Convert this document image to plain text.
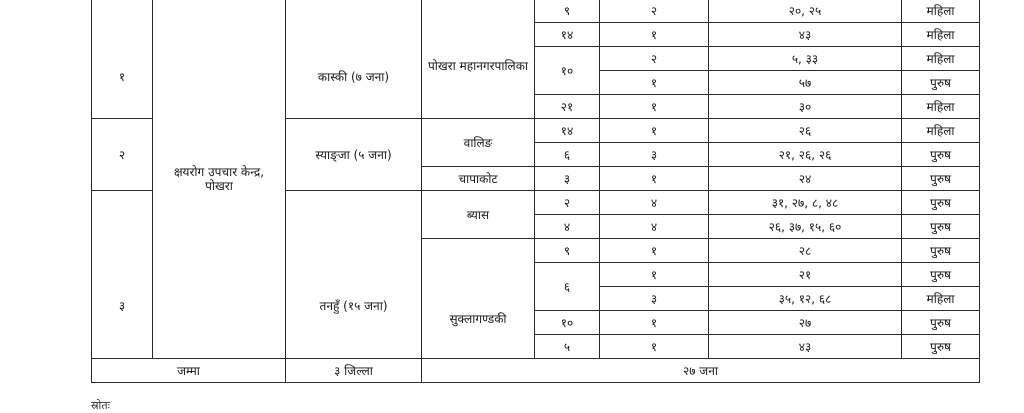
१	क्षयरोग उपचार केन्द्र, पोखरा	कास्की (७ जना)	पोखरा महानगरपालिका	९	२	२०, २५	महिला
				१४	१	४३	महिला
				१०	२	५, ३३	महिला
					१	५७	पुरुष
				२१	१	३०	महिला
२		स्याङ्जा (५ जना)	वालिङ	१४	१	२६	महिला
				६	३	२१, २६, २६	पुरुष
			चापाकोट	३	१	२४	पुरुष
३		तनहुँ (१५ जना)	ब्यास	२	४	३१, २७, ८, ४८	पुरुष
				४	४	२६, ३७, १५, ६०	पुरुष
			सुक्लागण्डकी	९	१	२८	पुरुष
				६	१	२१	पुरुष
					३	३५, १२, ६८	महिला
				१०	१	२७	पुरुष
				५	१	४३	पुरुष
जम्मा		३ जिल्ला	२७ जना				
स्रोतः
